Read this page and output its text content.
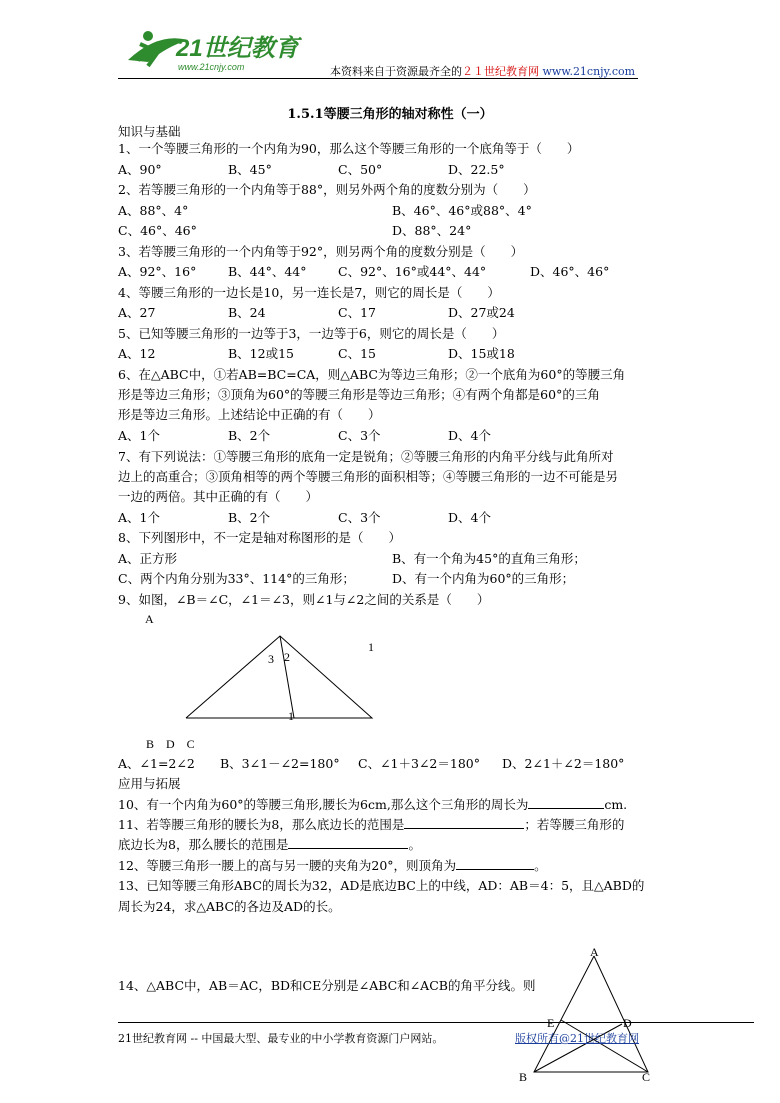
21世纪教育
www.21cnjy.com	本资料来自于资源最齐全的２１世纪教育网 www.21cnjy.com
1.5.1等腰三角形的轴对称性（一）
知识与基础
1、一个等腰三角形的一个内角为90，那么这个等腰三角形的一个底角等于（　　）
A、90°	B、45°	C、50°	D、22.5°
2、若等腰三角形的一个内角等于88°，则另外两个角的度数分别为（　　）
A、88°、4°	B、46°、46°或88°、4°
C、46°、46°	D、88°、24°
3、若等腰三角形的一个内角等于92°，则另两个角的度数分别是（　　）
A、92°、16°	B、44°、44°	C、92°、16°或44°、44°	D、46°、46°
4、等腰三角形的一边长是10，另一连长是7，则它的周长是（　　）
A、27	B、24	C、17	D、27或24
5、已知等腰三角形的一边等于3，一边等于6，则它的周长是（　　）
A、12	B、12或15	C、15	D、15或18
6、在△ABC中，①若AB=BC=CA，则△ABC为等边三角形；②一个底角为60°的等腰三角
形是等边三角形；③顶角为60°的等腰三角形是等边三角形；④有两个角都是60°的三角
形是等边三角形。上述结论中正确的有（　　）
A、1个	B、2个	C、3个	D、4个
7、有下列说法：①等腰三角形的底角一定是锐角；②等腰三角形的内角平分线与此角所对
边上的高重合；③顶角相等的两个等腰三角形的面积相等；④等腰三角形的一边不可能是另
一边的两倍。其中正确的有（　　）
A、1个	B、2个	C、3个	D、4个
8、下列图形中，不一定是轴对称图形的是（　　）
A、正方形	B、有一个角为45°的直角三角形；
C、两个内角分别为33°、114°的三角形；	D、有一个内角为60°的三角形；
9、如图，∠B＝∠C，∠1＝∠3，则∠1与∠2之间的关系是（　　）
A
1
3 2
1
B　D　C
A、∠1=2∠2 B、3∠1－∠2=180° C、∠1＋3∠2＝180° D、2∠1＋∠2＝180°
应用与拓展
10、有一个内角为60°的等腰三角形,腰长为6cm,那么这个三角形的周长为	cm.
11、若等腰三角形的腰长为8，那么底边长的范围是	；若等腰三角形的
底边长为8，那么腰长的范围是	。
12、等腰三角形一腰上的高与另一腰的夹角为20°，则顶角为	。
13、已知等腰三角形ABC的周长为32，AD是底边BC上的中线，AD：AB＝4：5，且△ABD的
周长为24，求△ABC的各边及AD的长。
14、△ABC中，AB＝AC，BD和CE分别是∠ABC和∠ACB的角平分线。则
A
E	D
B	C
21世纪教育网 -- 中国最大型、最专业的中小学教育资源门户网站。	版权所有@21世纪教育网
